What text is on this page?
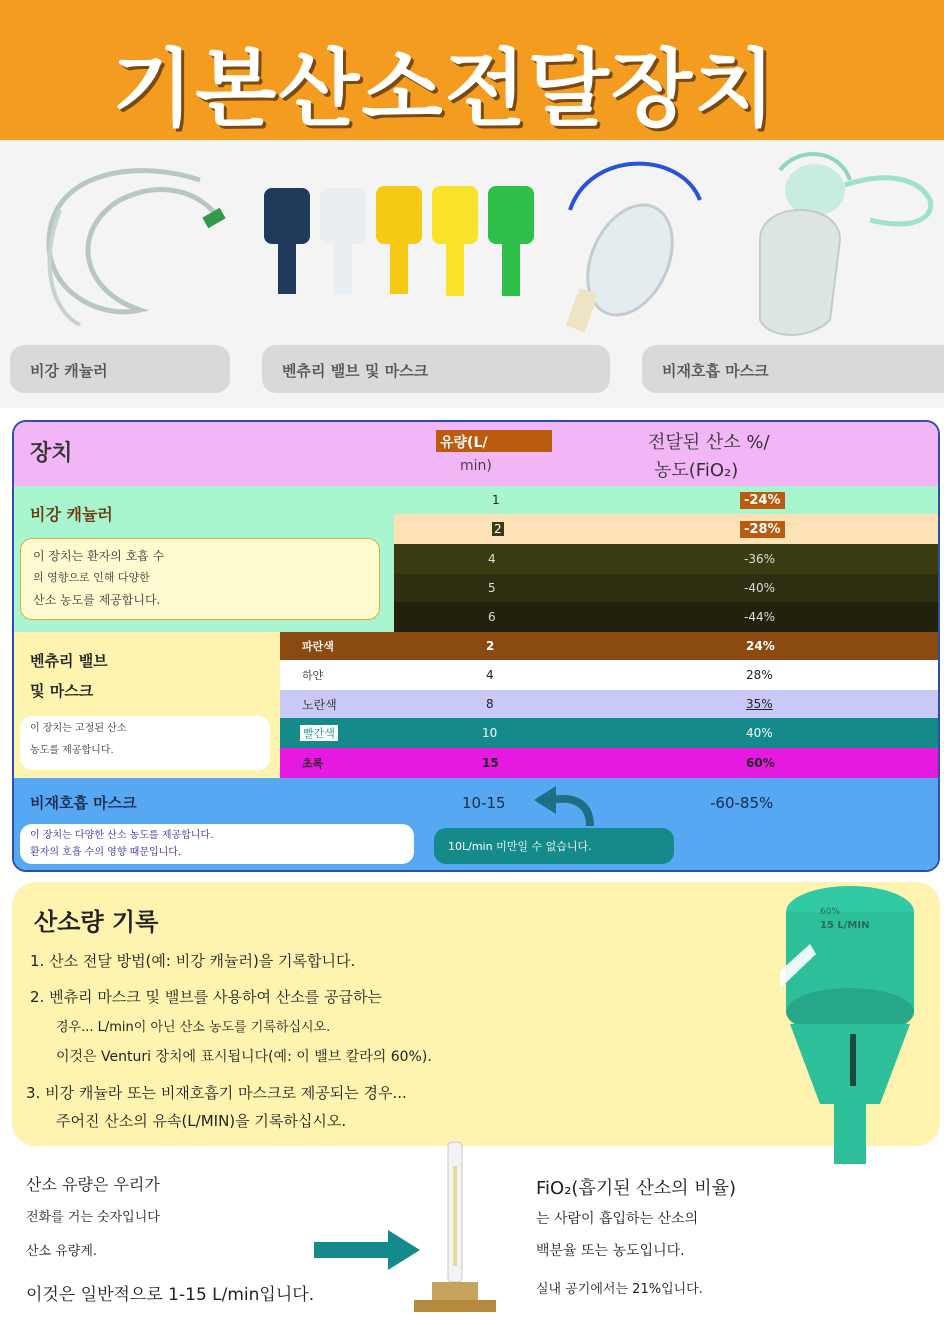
기본산소전달장치
비강 캐뉼러	벤츄리 밸브 및 마스크	비재호흡 마스크
장치	유량(L/
min)
전달된 산소 %/
농도(FiO₂)
비강 캐뉼러
이 장치는 환자의 호흡 수
의 영향으로 인해 다양한
산소 농도를 제공합니다.
1	-24%
2	-28%
4	-36%
5	-40%
6	-44%
벤츄리 밸브
및 마스크
이 장치는 고정된 산소
농도를 제공합니다.
파란색	2	24%
하얀	4	28%
노란색	8	35%
빨간색	10	40%
초록	15	60%
비재호흡 마스크	10-15	-60-85%
이 장치는 다양한 산소 농도를 제공합니다.
환자의 호흡 수의 영향 때문입니다.	10L/min 미만일 수 없습니다.
산소량 기록
1. 산소 전달 방법(예: 비강 캐뉼러)을 기록합니다.
2. 벤츄리 마스크 및 밸브를 사용하여 산소를 공급하는
경우... L/min이 아닌 산소 농도를 기록하십시오.
이것은 Venturi 장치에 표시됩니다(예: 이 밸브 칼라의 60%).
3. 비강 캐뉼라 또는 비재호흡기 마스크로 제공되는 경우...
주어진 산소의 유속(L/MIN)을 기록하십시오.
60%
15 L/MIN
산소 유량은 우리가
전화를 거는 숫자입니다
산소 유량계.
이것은 일반적으로 1-15 L/min입니다.
FiO₂(흡기된 산소의 비율)
는 사람이 흡입하는 산소의
백분율 또는 농도입니다.
실내 공기에서는 21%입니다.
